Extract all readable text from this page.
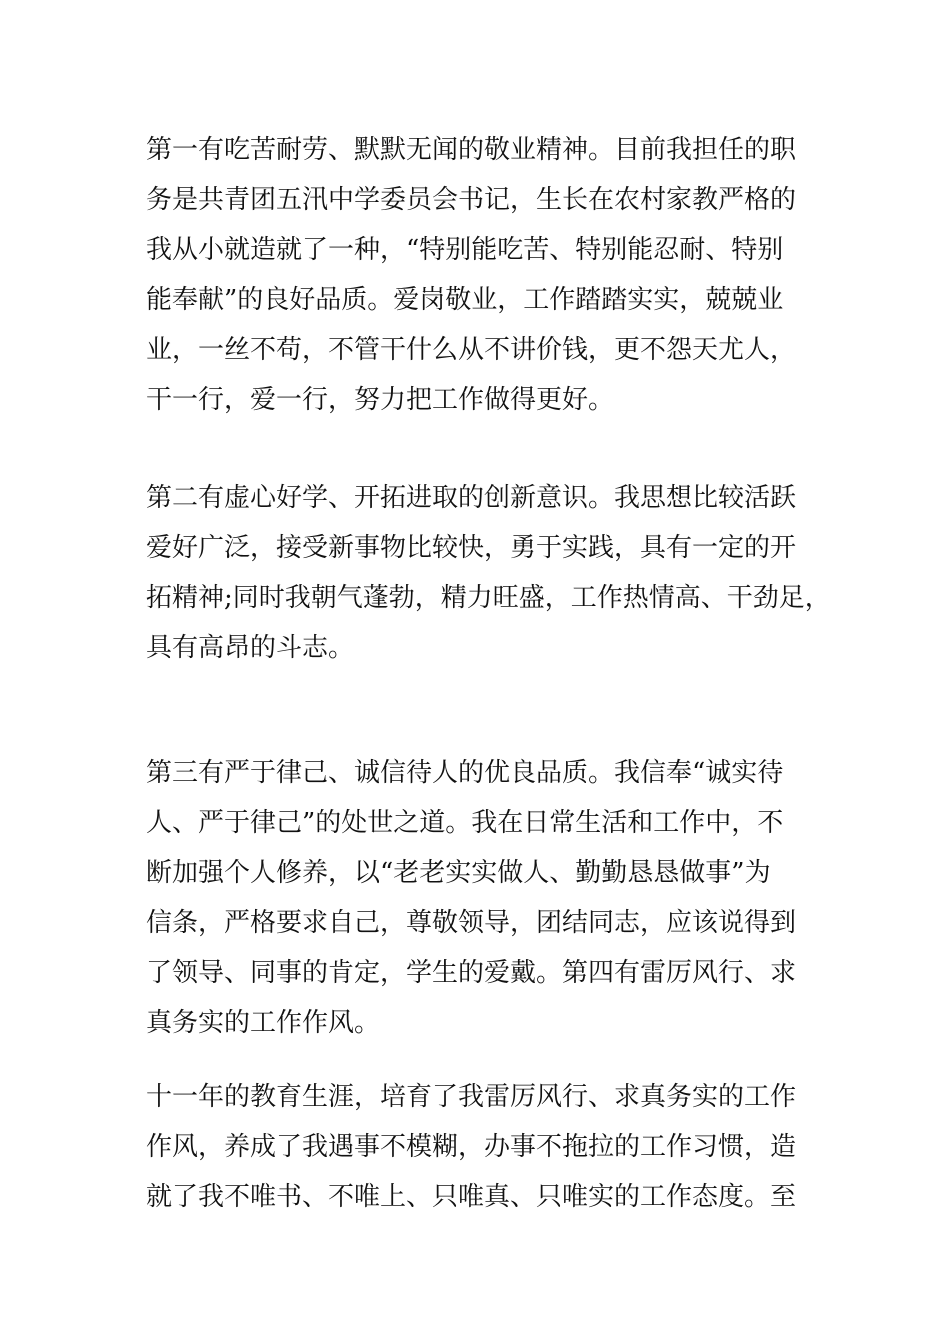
第一有吃苦耐劳、默默无闻的敬业精神。目前我担任的职
务是共青团五汛中学委员会书记，生长在农村家教严格的
我从小就造就了一种，“特别能吃苦、特别能忍耐、特别
能奉献”的良好品质。爱岗敬业，工作踏踏实实，兢兢业
业，一丝不苟，不管干什么从不讲价钱，更不怨天尤人，
干一行，爱一行，努力把工作做得更好。
第二有虚心好学、开拓进取的创新意识。我思想比较活跃
爱好广泛，接受新事物比较快，勇于实践，具有一定的开
拓精神;同时我朝气蓬勃，精力旺盛，工作热情高、干劲足，
具有高昂的斗志。
第三有严于律己、诚信待人的优良品质。我信奉“诚实待
人、严于律己”的处世之道。我在日常生活和工作中，不
断加强个人修养，以“老老实实做人、勤勤恳恳做事”为
信条，严格要求自己，尊敬领导，团结同志，应该说得到
了领导、同事的肯定，学生的爱戴。第四有雷厉风行、求
真务实的工作作风。
十一年的教育生涯，培育了我雷厉风行、求真务实的工作
作风，养成了我遇事不模糊，办事不拖拉的工作习惯，造
就了我不唯书、不唯上、只唯真、只唯实的工作态度。至
